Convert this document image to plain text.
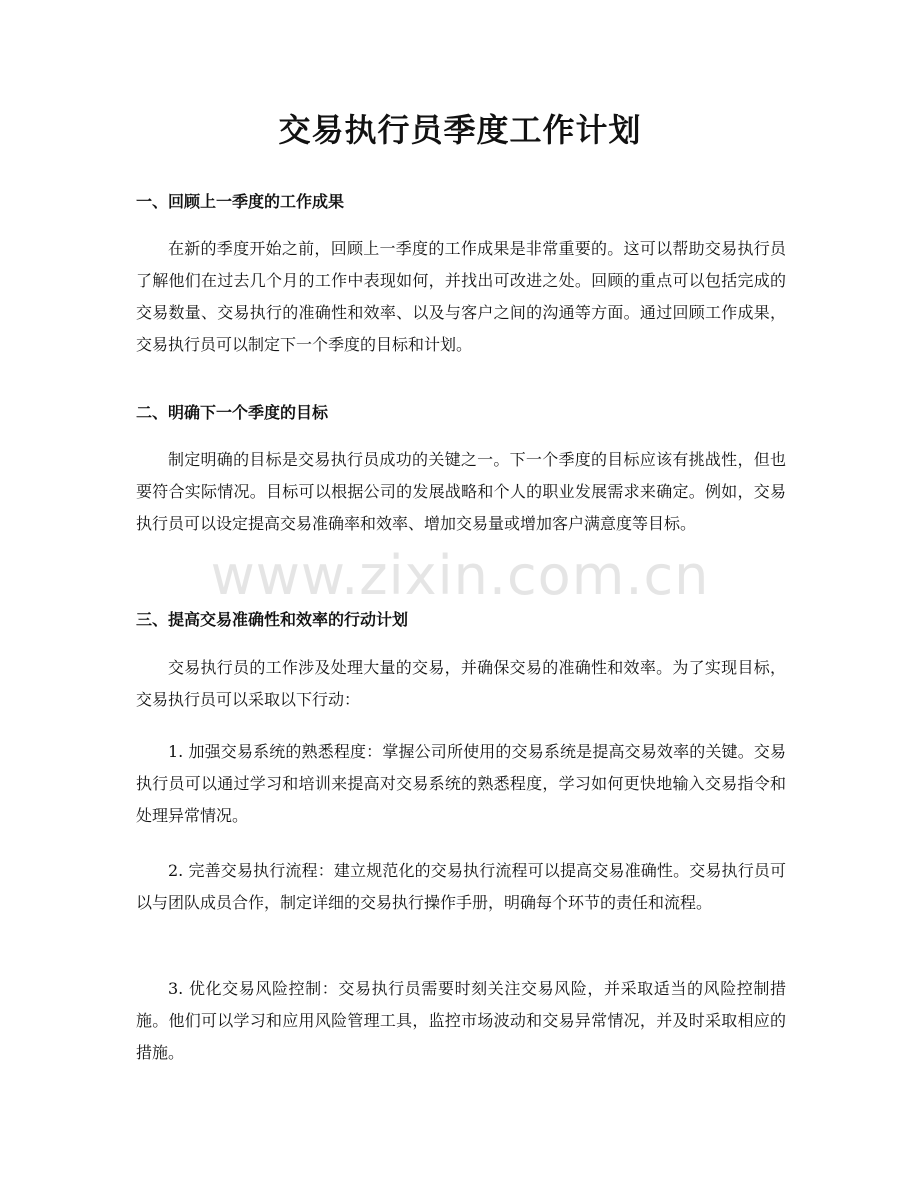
交易执行员季度工作计划
一、回顾上一季度的工作成果

在新的季度开始之前，回顾上一季度的工作成果是非常重要的。这可以帮助交易执行员了解他们在过去几个月的工作中表现如何，并找出可改进之处。回顾的重点可以包括完成的交易数量、交易执行的准确性和效率、以及与客户之间的沟通等方面。通过回顾工作成果，交易执行员可以制定下一个季度的目标和计划。

二、明确下一个季度的目标

制定明确的目标是交易执行员成功的关键之一。下一个季度的目标应该有挑战性，但也要符合实际情况。目标可以根据公司的发展战略和个人的职业发展需求来确定。例如，交易执行员可以设定提高交易准确率和效率、增加交易量或增加客户满意度等目标。

三、提高交易准确性和效率的行动计划

交易执行员的工作涉及处理大量的交易，并确保交易的准确性和效率。为了实现目标，交易执行员可以采取以下行动：

1. 加强交易系统的熟悉程度：掌握公司所使用的交易系统是提高交易效率的关键。交易执行员可以通过学习和培训来提高对交易系统的熟悉程度，学习如何更快地输入交易指令和处理异常情况。

2. 完善交易执行流程：建立规范化的交易执行流程可以提高交易准确性。交易执行员可以与团队成员合作，制定详细的交易执行操作手册，明确每个环节的责任和流程。

3. 优化交易风险控制：交易执行员需要时刻关注交易风险，并采取适当的风险控制措施。他们可以学习和应用风险管理工具，监控市场波动和交易异常情况，并及时采取相应的措施。

www.zixin.com.cn
